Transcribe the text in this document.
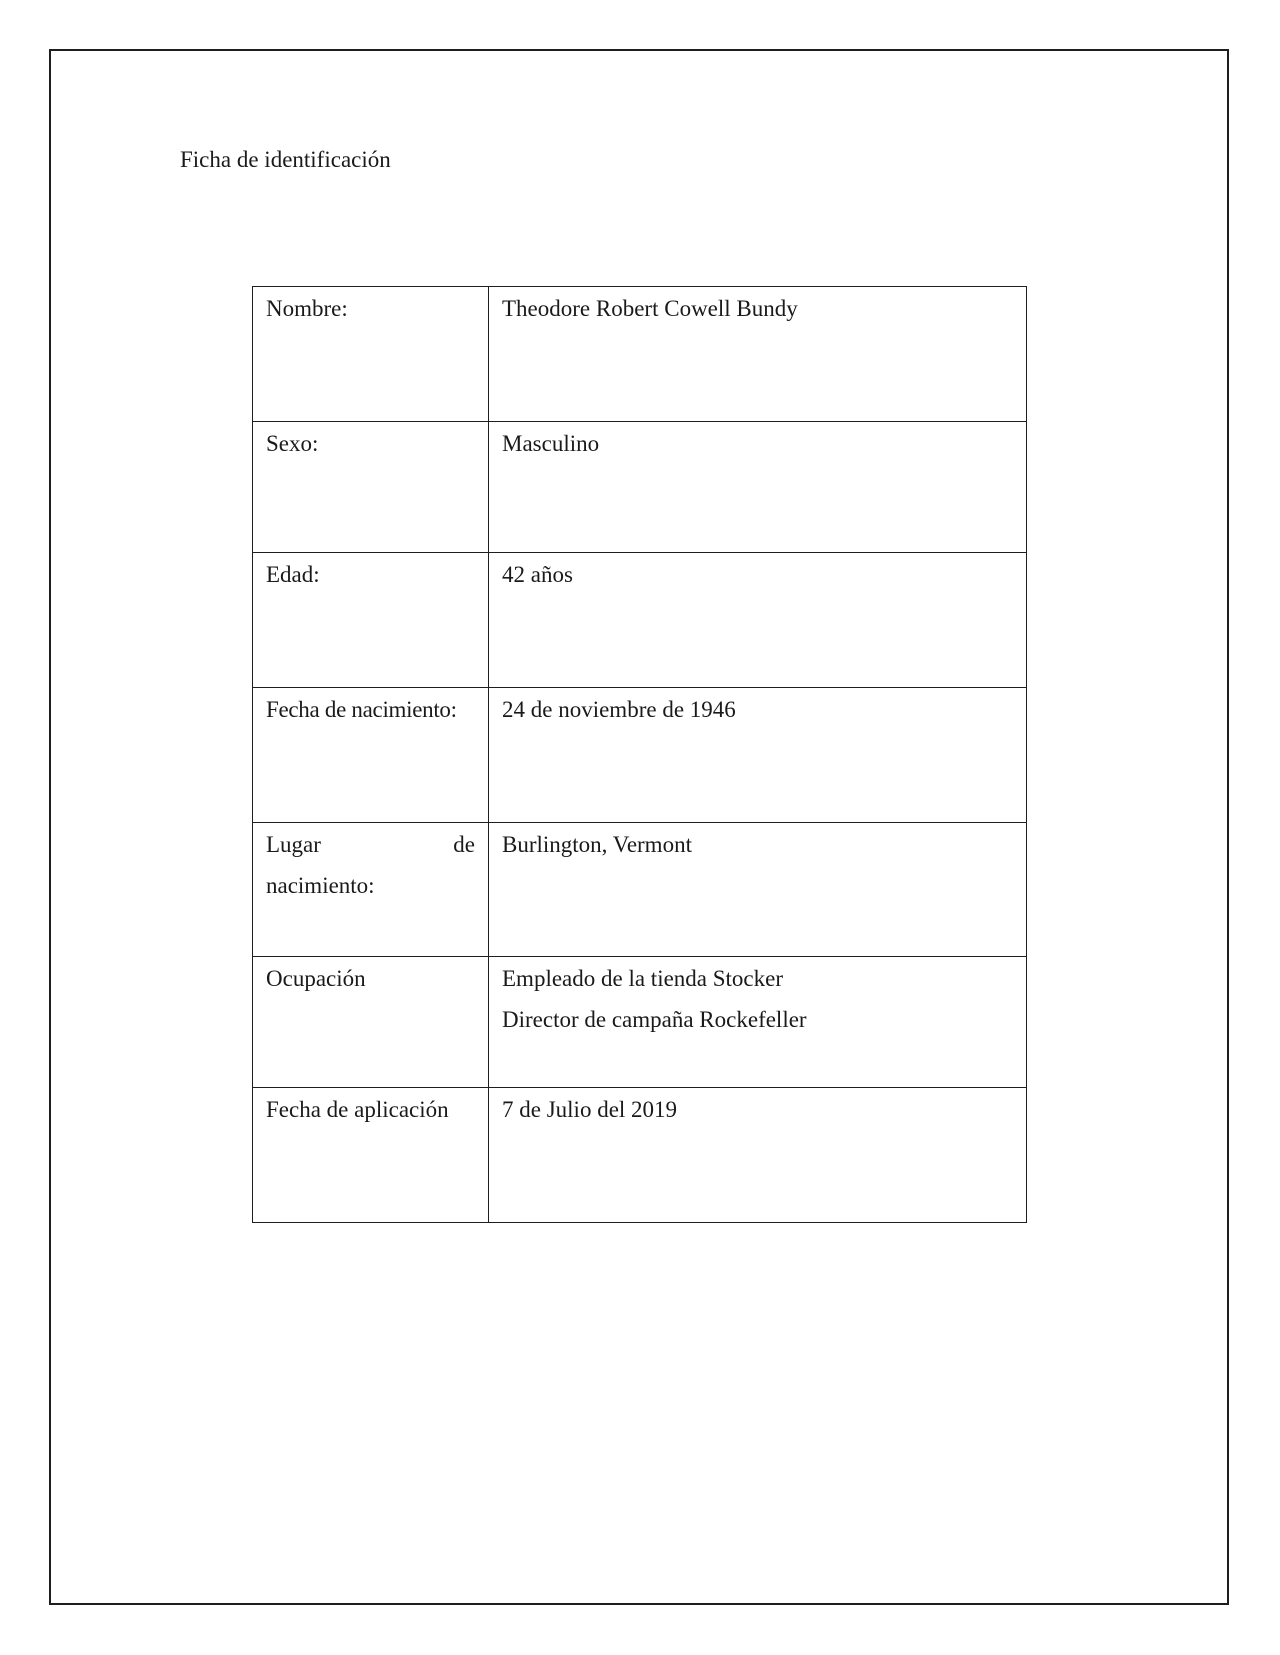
Ficha de identificación
Nombre:	Theodore Robert Cowell Bundy

Sexo:	Masculino

Edad:	42 años

Fecha de nacimiento:	24 de noviembre de 1946

Lugar de
nacimiento:	Burlington, Vermont

Ocupación	Empleado de la tienda Stocker
Director de campaña Rockefeller

Fecha de aplicación	7 de Julio del 2019
